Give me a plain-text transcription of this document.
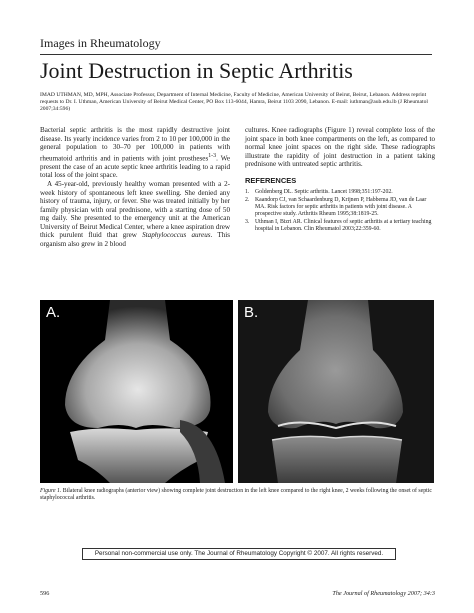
Images in Rheumatology
Joint Destruction in Septic Arthritis
IMAD UTHMAN, MD, MPH, Associate Professor, Department of Internal Medicine, Faculty of Medicine, American University of Beirut, Beirut, Lebanon. Address reprint requests to Dr. I. Uthman, American University of Beirut Medical Center, PO Box 113-6044, Hamra, Beirut 1103 2090, Lebanon. E-mail: iuthman@aub.edu.lb (J Rheumatol 2007;34:596)

Bacterial septic arthritis is the most rapidly destructive joint disease. Its yearly incidence varies from 2 to 10 per 100,000 in the general population to 30–70 per 100,000 in patients with rheumatoid arthritis and in patients with joint prostheses$^{1-3}$. We present the case of an acute septic knee arthritis leading to a rapid total loss of the joint space.

A 45-year-old, previously healthy woman presented with a 2-week history of spontaneous left knee swelling. She denied any history of trauma, injury, or fever. She was treated initially by her family physician with oral prednisone, with a starting dose of 50 mg daily. She presented to the emergency unit at the American University of Beirut Medical Center, where a knee aspiration drew thick purulent fluid that grew Staphylococcus aureus. This organism also grew in 2 blood

cultures. Knee radiographs (Figure 1) reveal complete loss of the joint space in both knee compartments on the left, as compared to normal knee joint spaces on the right side. These radiographs illustrate the rapidity of joint destruction in a patient taking prednisone with untreated septic arthritis.

REFERENCES
1. Goldenberg DL. Septic arthritis. Lancet 1998;351:197-202.
2. Kaandorp CJ, van Schaardenburg D, Krijnen P, Habbema JD, van de Laar MA. Risk factors for septic arthritis in patients with joint disease. A prospective study. Arthritis Rheum 1995;38:1819-25.
3. Uthman I, Bizri AR. Clinical features of septic arthritis at a tertiary teaching hospital in Lebanon. Clin Rheumatol 2003;22:359-60.
A.	B.
Figure 1. Bilateral knee radiographs (anterior view) showing complete joint destruction in the left knee compared to the right knee, 2 weeks following the onset of septic staphylococcal arthritis.
Personal non-commercial use only. The Journal of Rheumatology Copyright © 2007. All rights reserved.
596	The Journal of Rheumatology 2007; 34:3
